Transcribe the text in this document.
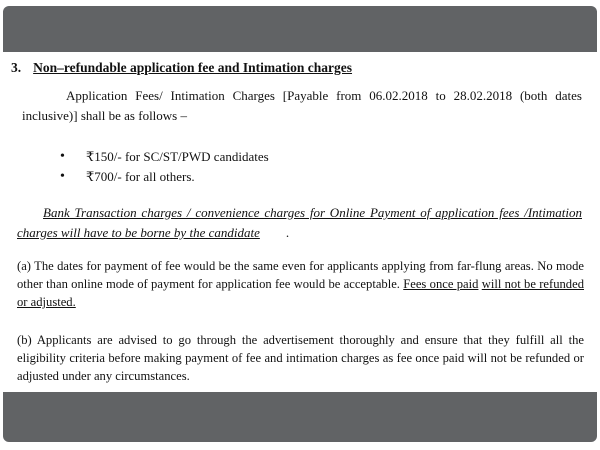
3. Non–refundable application fee and Intimation charges

Application Fees/ Intimation Charges [Payable from 06.02.2018 to 28.02.2018 (both dates inclusive)] shall be as follows –

• ₹150/- for SC/ST/PWD candidates
• ₹700/- for all others.

Bank Transaction charges / convenience charges for Online Payment of application fees /Intimation charges will have to be borne by the candidate .

(a) The dates for payment of fee would be the same even for applicants applying from far-flung areas. No mode other than online mode of payment for application fee would be acceptable. Fees once paid will not be refunded or adjusted.

(b) Applicants are advised to go through the advertisement thoroughly and ensure that they fulfill all the eligibility criteria before making payment of fee and intimation charges as fee once paid will not be refunded or adjusted under any circumstances.
